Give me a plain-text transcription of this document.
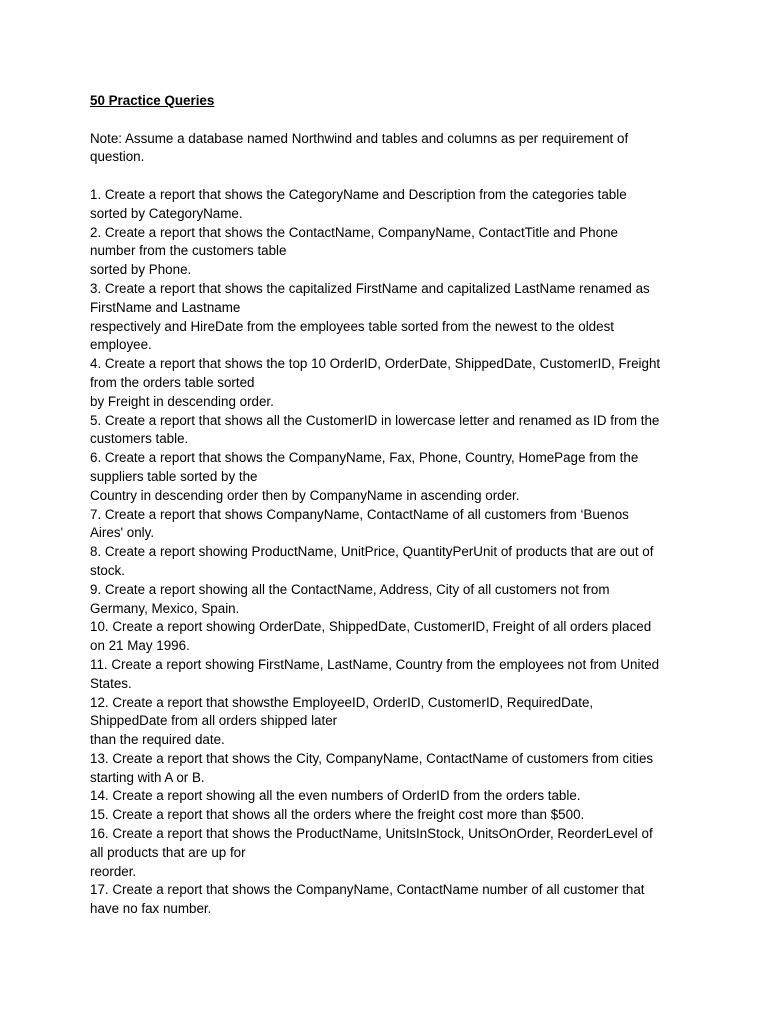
50 Practice Queries
Note: Assume a database named Northwind and tables and columns as per requirement of
question.
1. Create a report that shows the CategoryName and Description from the categories table
sorted by CategoryName.
2. Create a report that shows the ContactName, CompanyName, ContactTitle and Phone
number from the customers table
sorted by Phone.
3. Create a report that shows the capitalized FirstName and capitalized LastName renamed as
FirstName and Lastname
respectively and HireDate from the employees table sorted from the newest to the oldest
employee.
4. Create a report that shows the top 10 OrderID, OrderDate, ShippedDate, CustomerID, Freight
from the orders table sorted
by Freight in descending order.
5. Create a report that shows all the CustomerID in lowercase letter and renamed as ID from the
customers table.
6. Create a report that shows the CompanyName, Fax, Phone, Country, HomePage from the
suppliers table sorted by the
Country in descending order then by CompanyName in ascending order.
7. Create a report that shows CompanyName, ContactName of all customers from ‘Buenos
Aires' only.
8. Create a report showing ProductName, UnitPrice, QuantityPerUnit of products that are out of
stock.
9. Create a report showing all the ContactName, Address, City of all customers not from
Germany, Mexico, Spain.
10. Create a report showing OrderDate, ShippedDate, CustomerID, Freight of all orders placed
on 21 May 1996.
11. Create a report showing FirstName, LastName, Country from the employees not from United
States.
12. Create a report that showsthe EmployeeID, OrderID, CustomerID, RequiredDate,
ShippedDate from all orders shipped later
than the required date.
13. Create a report that shows the City, CompanyName, ContactName of customers from cities
starting with A or B.
14. Create a report showing all the even numbers of OrderID from the orders table.
15. Create a report that shows all the orders where the freight cost more than $500.
16. Create a report that shows the ProductName, UnitsInStock, UnitsOnOrder, ReorderLevel of
all products that are up for
reorder.
17. Create a report that shows the CompanyName, ContactName number of all customer that
have no fax number.
